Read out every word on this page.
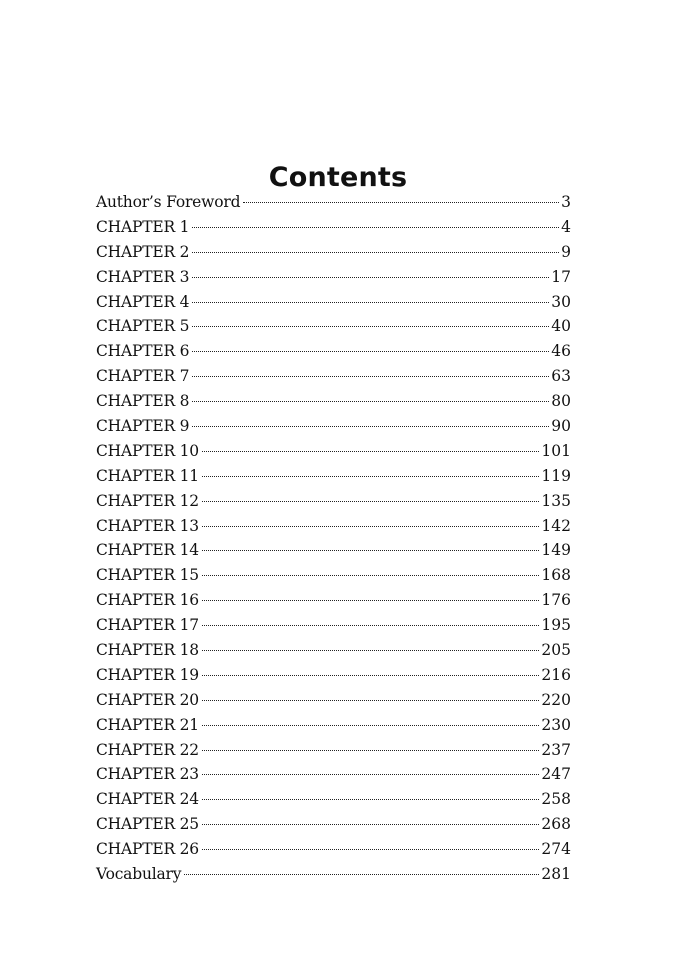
Contents
Author’s Foreword	3
CHAPTER 1	4
CHAPTER 2	9
CHAPTER 3	17
CHAPTER 4	30
CHAPTER 5	40
CHAPTER 6	46
CHAPTER 7	63
CHAPTER 8	80
CHAPTER 9	90
CHAPTER 10	101
CHAPTER 11	119
CHAPTER 12	135
CHAPTER 13	142
CHAPTER 14	149
CHAPTER 15	168
CHAPTER 16	176
CHAPTER 17	195
CHAPTER 18	205
CHAPTER 19	216
CHAPTER 20	220
CHAPTER 21	230
CHAPTER 22	237
CHAPTER 23	247
CHAPTER 24	258
CHAPTER 25	268
CHAPTER 26	274
Vocabulary	281
